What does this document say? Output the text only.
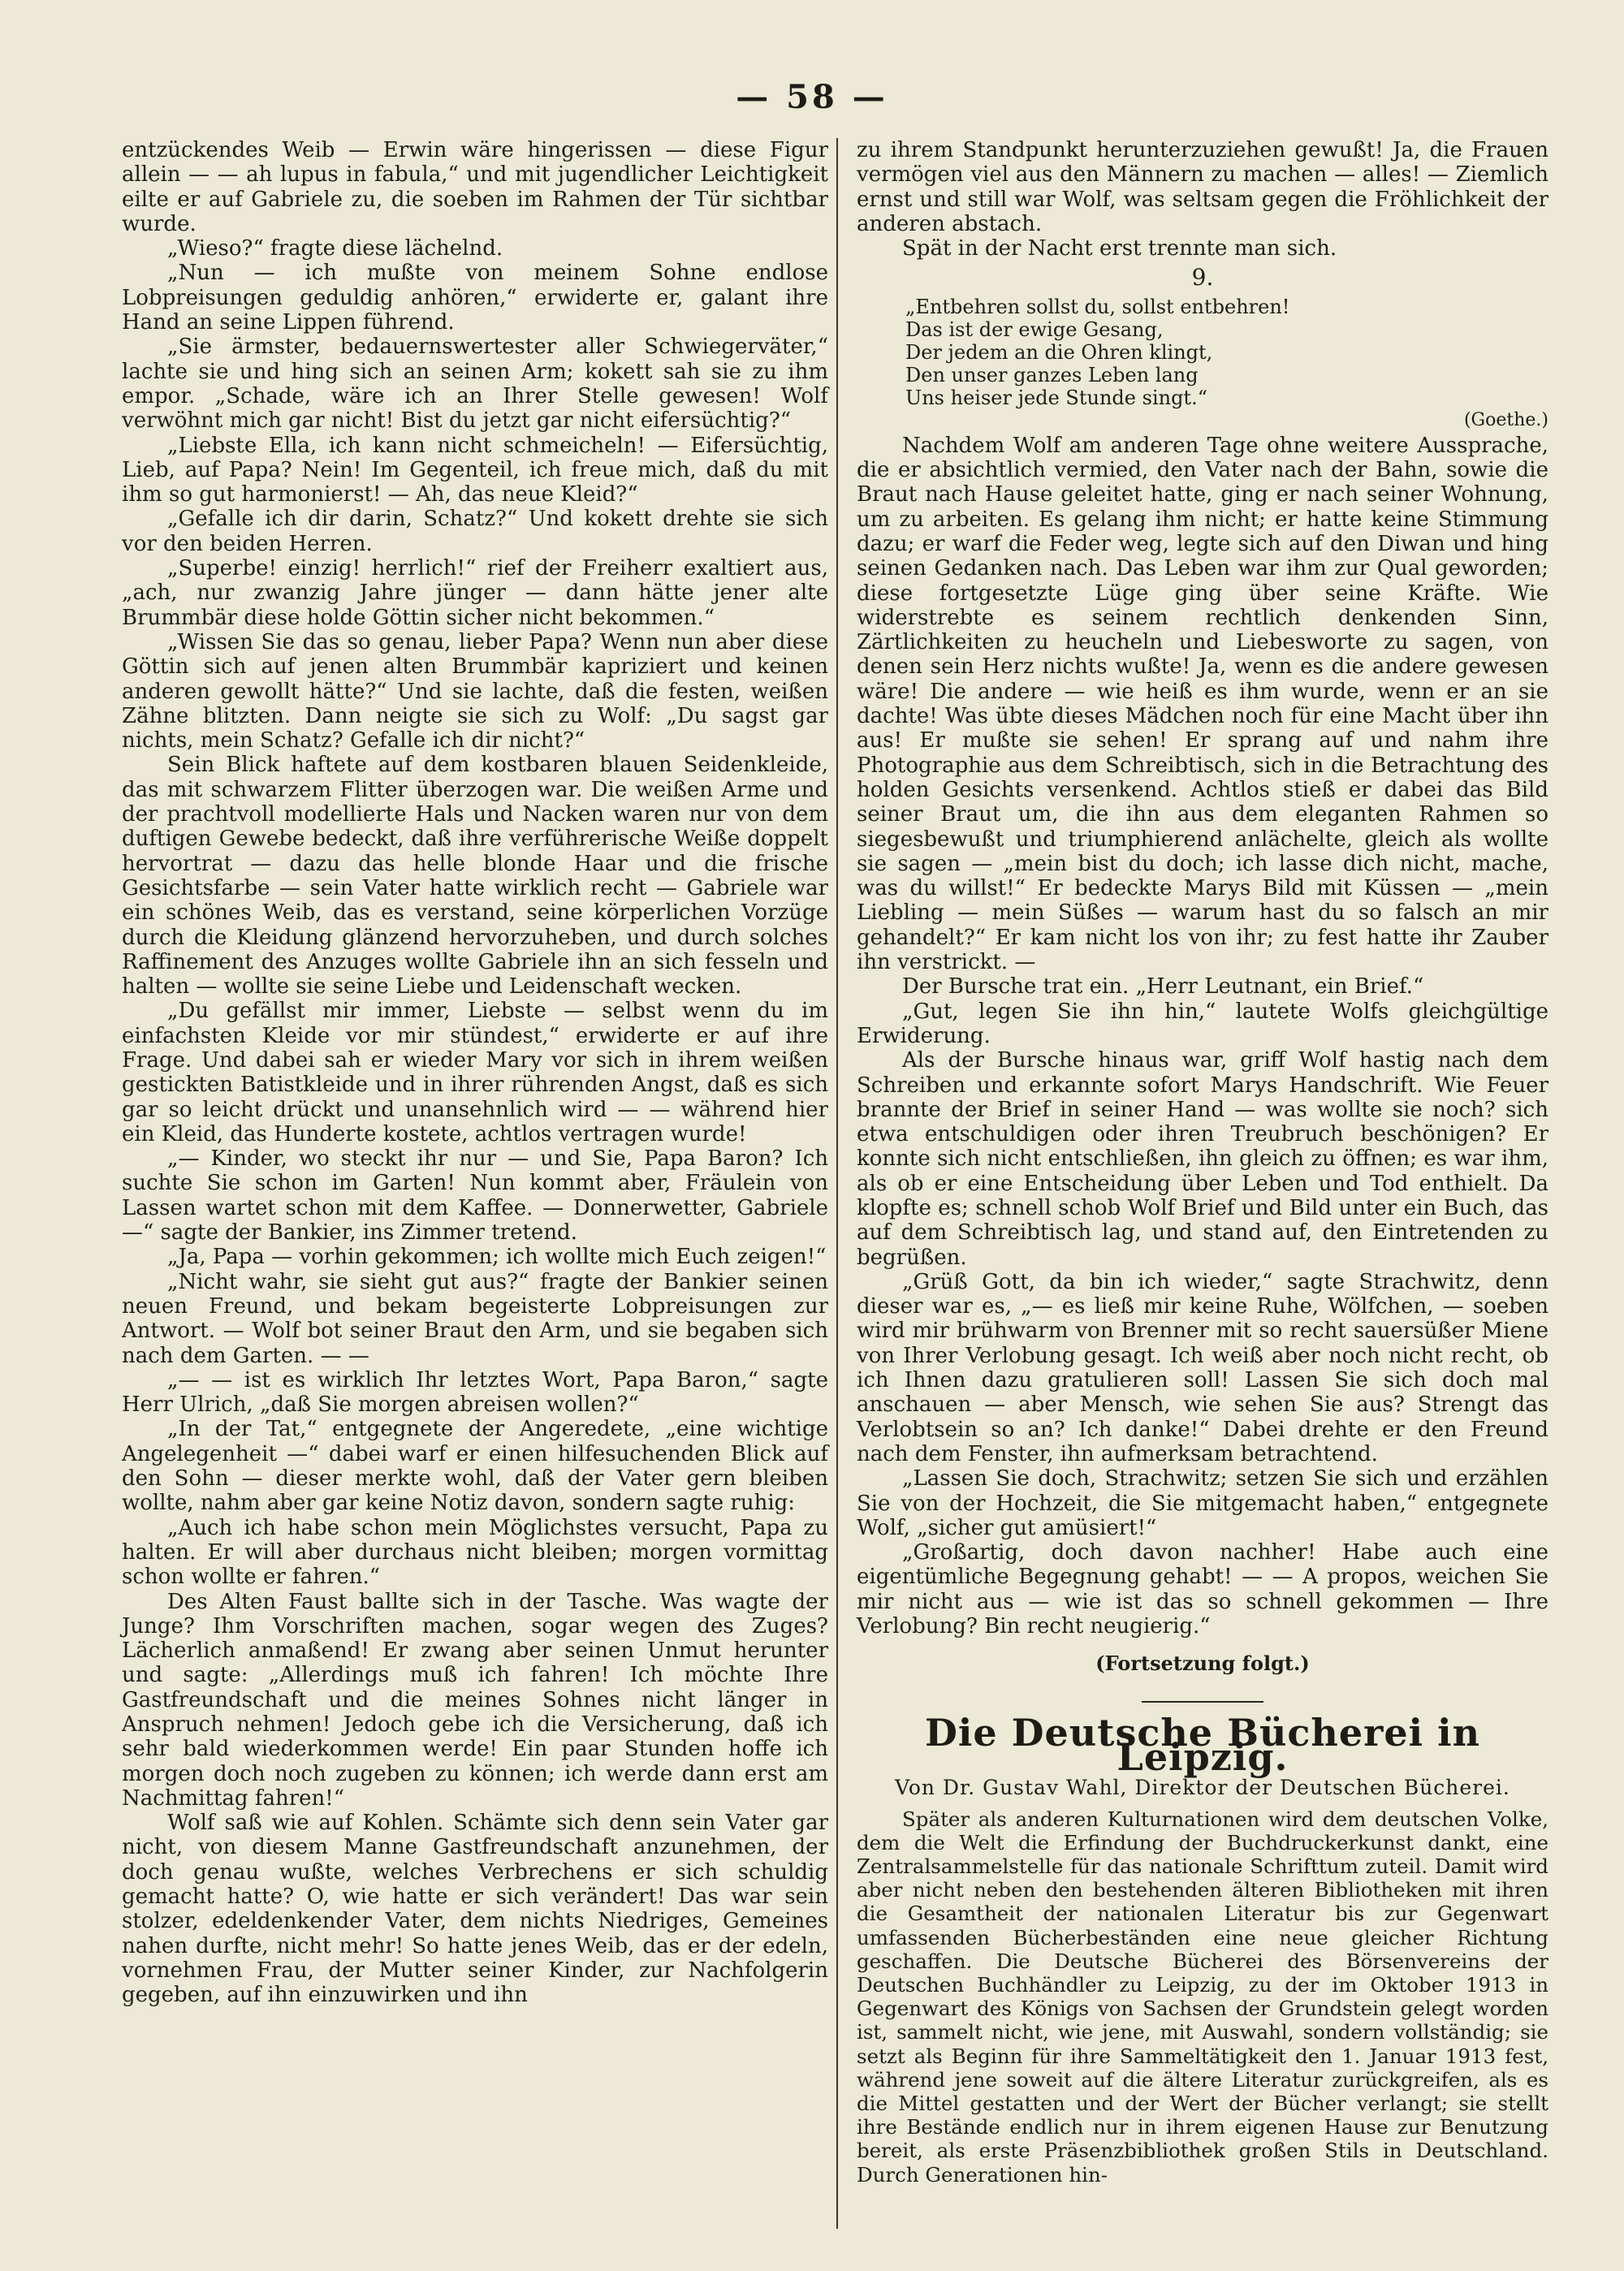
— 58 —

entzückendes Weib — Erwin wäre hingerissen — diese Figur allein — — ah lupus in fabula,“ und mit jugendlicher Leichtigkeit eilte er auf Gabriele zu, die soeben im Rahmen der Tür sichtbar wurde.

„Wieso?“ fragte diese lächelnd.

„Nun — ich mußte von meinem Sohne endlose Lobpreisungen geduldig anhören,“ erwiderte er, galant ihre Hand an seine Lippen führend.

„Sie ärmster, bedauernswertester aller Schwiegerväter,“ lachte sie und hing sich an seinen Arm; kokett sah sie zu ihm empor. „Schade, wäre ich an Ihrer Stelle gewesen! Wolf verwöhnt mich gar nicht! Bist du jetzt gar nicht eifersüchtig?“

„Liebste Ella, ich kann nicht schmeicheln! — Eifersüchtig, Lieb, auf Papa? Nein! Im Gegenteil, ich freue mich, daß du mit ihm so gut harmonierst! — Ah, das neue Kleid?“

„Gefalle ich dir darin, Schatz?“ Und kokett drehte sie sich vor den beiden Herren.

„Superbe! einzig! herrlich!“ rief der Freiherr exaltiert aus, „ach, nur zwanzig Jahre jünger — dann hätte jener alte Brummbär diese holde Göttin sicher nicht bekommen.“

„Wissen Sie das so genau, lieber Papa? Wenn nun aber diese Göttin sich auf jenen alten Brummbär kapriziert und keinen anderen gewollt hätte?“ Und sie lachte, daß die festen, weißen Zähne blitzten. Dann neigte sie sich zu Wolf: „Du sagst gar nichts, mein Schatz? Gefalle ich dir nicht?“

Sein Blick haftete auf dem kostbaren blauen Seidenkleide, das mit schwarzem Flitter überzogen war. Die weißen Arme und der prachtvoll modellierte Hals und Nacken waren nur von dem duftigen Gewebe bedeckt, daß ihre verführerische Weiße doppelt hervortrat — dazu das helle blonde Haar und die frische Gesichtsfarbe — sein Vater hatte wirklich recht — Gabriele war ein schönes Weib, das es verstand, seine körperlichen Vorzüge durch die Kleidung glänzend hervorzuheben, und durch solches Raffinement des Anzuges wollte Gabriele ihn an sich fesseln und halten — wollte sie seine Liebe und Leidenschaft wecken.

„Du gefällst mir immer, Liebste — selbst wenn du im einfachsten Kleide vor mir stündest,“ erwiderte er auf ihre Frage. Und dabei sah er wieder Mary vor sich in ihrem weißen gestickten Batistkleide und in ihrer rührenden Angst, daß es sich gar so leicht drückt und unansehnlich wird — — während hier ein Kleid, das Hunderte kostete, achtlos vertragen wurde!

„— Kinder, wo steckt ihr nur — und Sie, Papa Baron? Ich suchte Sie schon im Garten! Nun kommt aber, Fräulein von Lassen wartet schon mit dem Kaffee. — Donnerwetter, Gabriele —“ sagte der Bankier, ins Zimmer tretend.

„Ja, Papa — vorhin gekommen; ich wollte mich Euch zeigen!“

„Nicht wahr, sie sieht gut aus?“ fragte der Bankier seinen neuen Freund, und bekam begeisterte Lobpreisungen zur Antwort. — Wolf bot seiner Braut den Arm, und sie begaben sich nach dem Garten. — —

„— — ist es wirklich Ihr letztes Wort, Papa Baron,“ sagte Herr Ulrich, „daß Sie morgen abreisen wollen?“

„In der Tat,“ entgegnete der Angeredete, „eine wichtige Angelegenheit —“ dabei warf er einen hilfesuchenden Blick auf den Sohn — dieser merkte wohl, daß der Vater gern bleiben wollte, nahm aber gar keine Notiz davon, sondern sagte ruhig:

„Auch ich habe schon mein Möglichstes versucht, Papa zu halten. Er will aber durchaus nicht bleiben; morgen vormittag schon wollte er fahren.“

Des Alten Faust ballte sich in der Tasche. Was wagte der Junge? Ihm Vorschriften machen, sogar wegen des Zuges? Lächerlich anmaßend! Er zwang aber seinen Unmut herunter und sagte: „Allerdings muß ich fahren! Ich möchte Ihre Gastfreundschaft und die meines Sohnes nicht länger in Anspruch nehmen! Jedoch gebe ich die Versicherung, daß ich sehr bald wiederkommen werde! Ein paar Stunden hoffe ich morgen doch noch zugeben zu können; ich werde dann erst am Nachmittag fahren!“

Wolf saß wie auf Kohlen. Schämte sich denn sein Vater gar nicht, von diesem Manne Gastfreundschaft anzunehmen, der doch genau wußte, welches Verbrechens er sich schuldig gemacht hatte? O, wie hatte er sich verändert! Das war sein stolzer, edeldenkender Vater, dem nichts Niedriges, Gemeines nahen durfte, nicht mehr! So hatte jenes Weib, das er der edeln, vornehmen Frau, der Mutter seiner Kinder, zur Nachfolgerin gegeben, auf ihn einzuwirken und ihn

zu ihrem Standpunkt herunterzuziehen gewußt! Ja, die Frauen vermögen viel aus den Männern zu machen — alles! — Ziemlich ernst und still war Wolf, was seltsam gegen die Fröhlichkeit der anderen abstach.

Spät in der Nacht erst trennte man sich.

9.
„Entbehren sollst du, sollst entbehren!
Das ist der ewige Gesang,
Der jedem an die Ohren klingt,
Den unser ganzes Leben lang
Uns heiser jede Stunde singt.“
(Goethe.)

Nachdem Wolf am anderen Tage ohne weitere Aussprache, die er absichtlich vermied, den Vater nach der Bahn, sowie die Braut nach Hause geleitet hatte, ging er nach seiner Wohnung, um zu arbeiten. Es gelang ihm nicht; er hatte keine Stimmung dazu; er warf die Feder weg, legte sich auf den Diwan und hing seinen Gedanken nach. Das Leben war ihm zur Qual geworden; diese fortgesetzte Lüge ging über seine Kräfte. Wie widerstrebte es seinem rechtlich denkenden Sinn, Zärtlichkeiten zu heucheln und Liebesworte zu sagen, von denen sein Herz nichts wußte! Ja, wenn es die andere gewesen wäre! Die andere — wie heiß es ihm wurde, wenn er an sie dachte! Was übte dieses Mädchen noch für eine Macht über ihn aus! Er mußte sie sehen! Er sprang auf und nahm ihre Photographie aus dem Schreibtisch, sich in die Betrachtung des holden Gesichts versenkend. Achtlos stieß er dabei das Bild seiner Braut um, die ihn aus dem eleganten Rahmen so siegesbewußt und triumphierend anlächelte, gleich als wollte sie sagen — „mein bist du doch; ich lasse dich nicht, mache, was du willst!“ Er bedeckte Marys Bild mit Küssen — „mein Liebling — mein Süßes — warum hast du so falsch an mir gehandelt?“ Er kam nicht los von ihr; zu fest hatte ihr Zauber ihn verstrickt. —

Der Bursche trat ein. „Herr Leutnant, ein Brief.“

„Gut, legen Sie ihn hin,“ lautete Wolfs gleichgültige Erwiderung.

Als der Bursche hinaus war, griff Wolf hastig nach dem Schreiben und erkannte sofort Marys Handschrift. Wie Feuer brannte der Brief in seiner Hand — was wollte sie noch? sich etwa entschuldigen oder ihren Treubruch beschönigen? Er konnte sich nicht entschließen, ihn gleich zu öffnen; es war ihm, als ob er eine Entscheidung über Leben und Tod enthielt. Da klopfte es; schnell schob Wolf Brief und Bild unter ein Buch, das auf dem Schreibtisch lag, und stand auf, den Eintretenden zu begrüßen.

„Grüß Gott, da bin ich wieder,“ sagte Strachwitz, denn dieser war es, „— es ließ mir keine Ruhe, Wölfchen, — soeben wird mir brühwarm von Brenner mit so recht sauersüßer Miene von Ihrer Verlobung gesagt. Ich weiß aber noch nicht recht, ob ich Ihnen dazu gratulieren soll! Lassen Sie sich doch mal anschauen — aber Mensch, wie sehen Sie aus? Strengt das Verlobtsein so an? Ich danke!“ Dabei drehte er den Freund nach dem Fenster, ihn aufmerksam betrachtend.

„Lassen Sie doch, Strachwitz; setzen Sie sich und erzählen Sie von der Hochzeit, die Sie mitgemacht haben,“ entgegnete Wolf, „sicher gut amüsiert!“

„Großartig, doch davon nachher! Habe auch eine eigentümliche Begegnung gehabt! — — A propos, weichen Sie mir nicht aus — wie ist das so schnell gekommen — Ihre Verlobung? Bin recht neugierig.“

(Fortsetzung folgt.)
Die Deutsche Bücherei in Leipzig.
Von Dr. Gustav Wahl, Direktor der Deutschen Bücherei.

Später als anderen Kulturnationen wird dem deutschen Volke, dem die Welt die Erfindung der Buchdruckerkunst dankt, eine Zentralsammelstelle für das nationale Schrifttum zuteil. Damit wird aber nicht neben den bestehenden älteren Bibliotheken mit ihren die Gesamtheit der nationalen Literatur bis zur Gegenwart umfassenden Bücherbeständen eine neue gleicher Richtung geschaffen. Die Deutsche Bücherei des Börsenvereins der Deutschen Buchhändler zu Leipzig, zu der im Oktober 1913 in Gegenwart des Königs von Sachsen der Grundstein gelegt worden ist, sammelt nicht, wie jene, mit Auswahl, sondern vollständig; sie setzt als Beginn für ihre Sammeltätigkeit den 1. Januar 1913 fest, während jene soweit auf die ältere Literatur zurückgreifen, als es die Mittel gestatten und der Wert der Bücher verlangt; sie stellt ihre Bestände endlich nur in ihrem eigenen Hause zur Benutzung bereit, als erste Präsenzbibliothek großen Stils in Deutschland. Durch Generationen hin-
